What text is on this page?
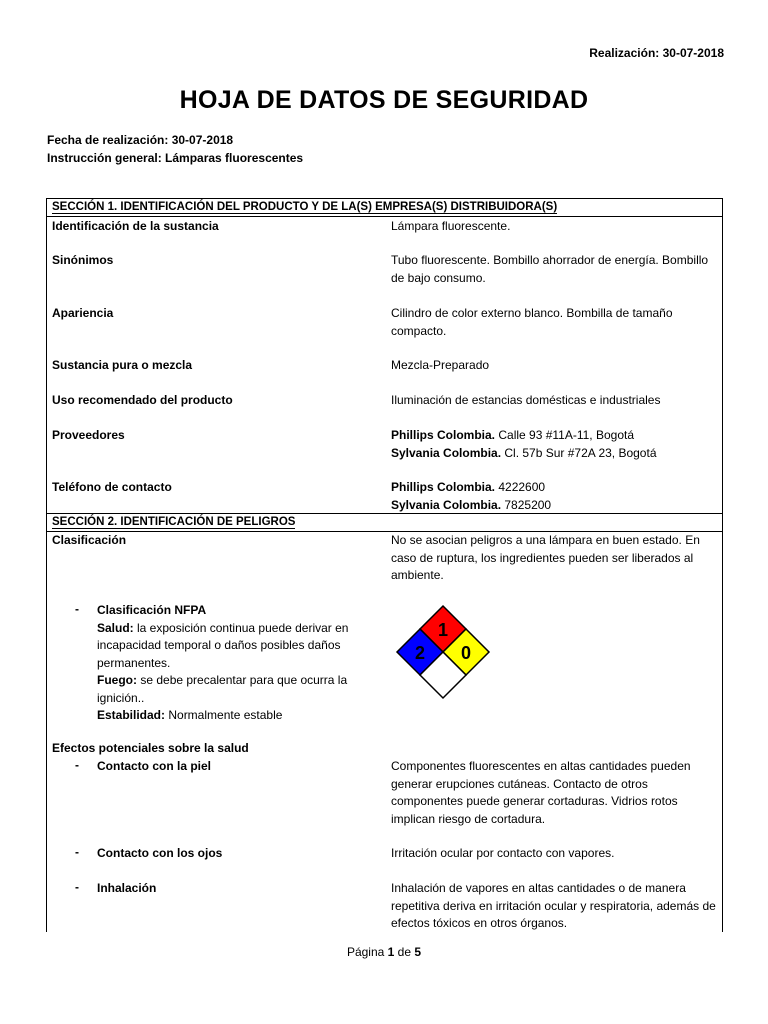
Realización: 30-07-2018
HOJA DE DATOS DE SEGURIDAD
Fecha de realización: 30-07-2018
Instrucción general: Lámparas fluorescentes
SECCIÓN 1. IDENTIFICACIÓN DEL PRODUCTO Y DE LA(S) EMPRESA(S) DISTRIBUIDORA(S)
Identificación de la sustancia	Lámpara fluorescente.
Sinónimos	Tubo fluorescente. Bombillo ahorrador de energía. Bombillo de bajo consumo.
Apariencia	Cilindro de color externo blanco. Bombilla de tamaño compacto.
Sustancia pura o mezcla	Mezcla-Preparado
Uso recomendado del producto	Iluminación de estancias domésticas e industriales
Proveedores	Phillips Colombia. Calle 93 #11A-11, Bogotá
Sylvania Colombia. Cl. 57b Sur #72A 23, Bogotá
Teléfono de contacto	Phillips Colombia. 4222600
Sylvania Colombia. 7825200
SECCIÓN 2. IDENTIFICACIÓN DE PELIGROS
Clasificación	No se asocian peligros a una lámpara en buen estado. En caso de ruptura, los ingredientes pueden ser liberados al ambiente.
- Clasificación NFPA
Salud: la exposición continua puede derivar en incapacidad temporal o daños posibles daños permanentes.
Fuego: se debe precalentar para que ocurra la ignición..
Estabilidad: Normalmente estable
1
2 0
Efectos potenciales sobre la salud
- Contacto con la piel	Componentes fluorescentes en altas cantidades pueden generar erupciones cutáneas. Contacto de otros componentes puede generar cortaduras. Vidrios rotos implican riesgo de cortadura.
- Contacto con los ojos	Irritación ocular por contacto con vapores.
- Inhalación	Inhalación de vapores en altas cantidades o de manera repetitiva deriva en irritación ocular y respiratoria, además de efectos tóxicos en otros órganos.
Página 1 de 5
